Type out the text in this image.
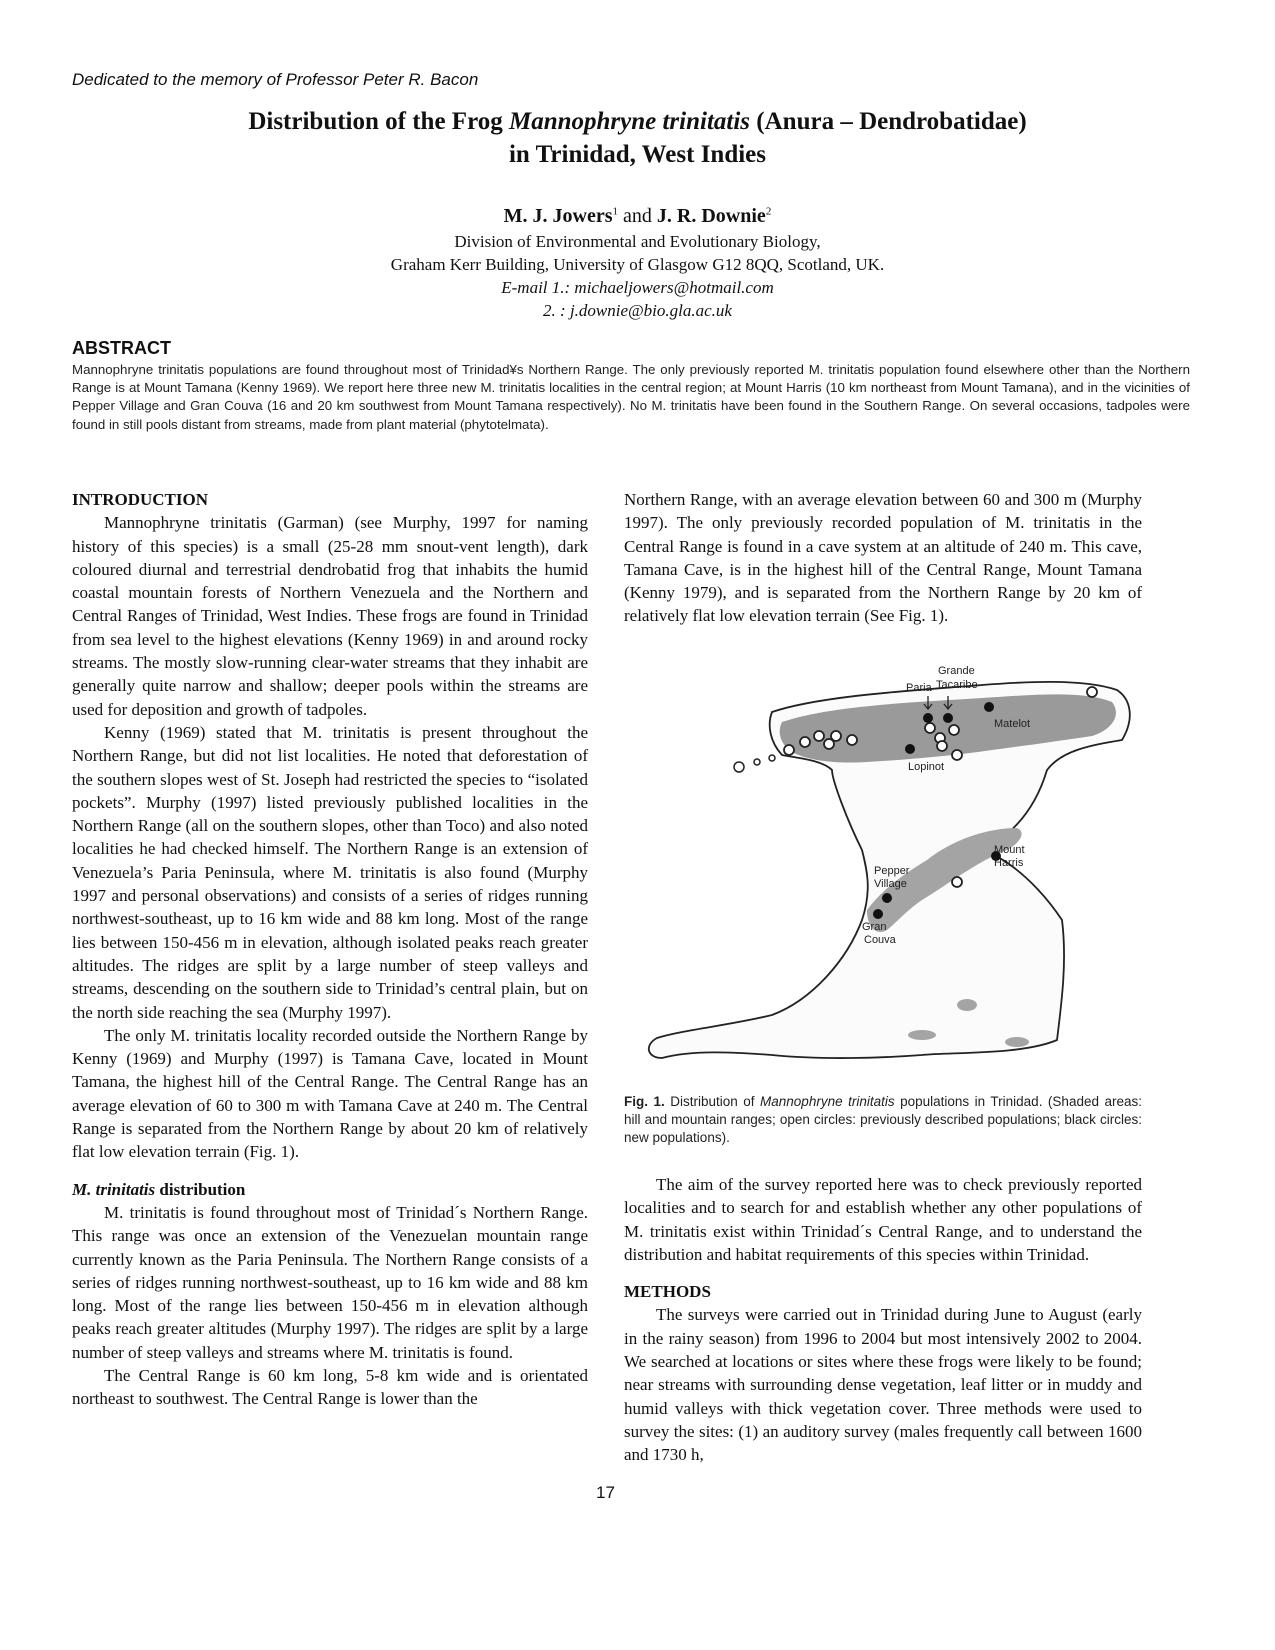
Dedicated to the memory of Professor Peter R. Bacon
Distribution of the Frog Mannophryne trinitatis (Anura – Dendrobatidae)
in Trinidad, West Indies
M. J. Jowers$^1$ and J. R. Downie$^2$
Division of Environmental and Evolutionary Biology,
Graham Kerr Building, University of Glasgow G12 8QQ, Scotland, UK.
E-mail 1.: michaeljowers@hotmail.com
2. : j.downie@bio.gla.ac.uk
ABSTRACT
Mannophryne trinitatis populations are found throughout most of Trinidad¥s Northern Range. The only previously reported M. trinitatis population found elsewhere other than the Northern Range is at Mount Tamana (Kenny 1969). We report here three new M. trinitatis localities in the central region; at Mount Harris (10 km northeast from Mount Tamana), and in the vicinities of Pepper Village and Gran Couva (16 and 20 km southwest from Mount Tamana respectively). No M. trinitatis have been found in the Southern Range. On several occasions, tadpoles were found in still pools distant from streams, made from plant material (phytotelmata).
INTRODUCTION

Mannophryne trinitatis (Garman) (see Murphy, 1997 for naming history of this species) is a small (25-28 mm snout-vent length), dark coloured diurnal and terrestrial dendrobatid frog that inhabits the humid coastal mountain forests of Northern Venezuela and the Northern and Central Ranges of Trinidad, West Indies. These frogs are found in Trinidad from sea level to the highest elevations (Kenny 1969) in and around rocky streams. The mostly slow-running clear-water streams that they inhabit are generally quite narrow and shallow; deeper pools within the streams are used for deposition and growth of tadpoles.

Kenny (1969) stated that M. trinitatis is present throughout the Northern Range, but did not list localities. He noted that deforestation of the southern slopes west of St. Joseph had restricted the species to “isolated pockets”. Murphy (1997) listed previously published localities in the Northern Range (all on the southern slopes, other than Toco) and also noted localities he had checked himself. The Northern Range is an extension of Venezuela’s Paria Peninsula, where M. trinitatis is also found (Murphy 1997 and personal observations) and consists of a series of ridges running northwest-southeast, up to 16 km wide and 88 km long. Most of the range lies between 150-456 m in elevation, although isolated peaks reach greater altitudes. The ridges are split by a large number of steep valleys and streams, descending on the southern side to Trinidad’s central plain, but on the north side reaching the sea (Murphy 1997).

The only M. trinitatis locality recorded outside the Northern Range by Kenny (1969) and Murphy (1997) is Tamana Cave, located in Mount Tamana, the highest hill of the Central Range. The Central Range has an average elevation of 60 to 300 m with Tamana Cave at 240 m. The Central Range is separated from the Northern Range by about 20 km of relatively flat low elevation terrain (Fig. 1).

M. trinitatis distribution

M. trinitatis is found throughout most of Trinidad´s Northern Range. This range was once an extension of the Venezuelan mountain range currently known as the Paria Peninsula. The Northern Range consists of a series of ridges running northwest-southeast, up to 16 km wide and 88 km long. Most of the range lies between 150-456 m in elevation although peaks reach greater altitudes (Murphy 1997). The ridges are split by a large number of steep valleys and streams where M. trinitatis is found.

The Central Range is 60 km long, 5-8 km wide and is orientated northeast to southwest. The Central Range is lower than the

Northern Range, with an average elevation between 60 and 300 m (Murphy 1997). The only previously recorded population of M. trinitatis in the Central Range is found in a cave system at an altitude of 240 m. This cave, Tamana Cave, is in the highest hill of the Central Range, Mount Tamana (Kenny 1979), and is separated from the Northern Range by 20 km of relatively flat low elevation terrain (See Fig. 1).

Grande
Tacaribe
Paria
Matelot
Lopinot
Mount
Harris
Pepper
Village
Gran
Couva
Fig. 1. Distribution of Mannophryne trinitatis populations in Trinidad. (Shaded areas: hill and mountain ranges; open circles: previously described populations; black circles: new populations).

The aim of the survey reported here was to check previously reported localities and to search for and establish whether any other populations of M. trinitatis exist within Trinidad´s Central Range, and to understand the distribution and habitat requirements of this species within Trinidad.

METHODS

The surveys were carried out in Trinidad during June to August (early in the rainy season) from 1996 to 2004 but most intensively 2002 to 2004. We searched at locations or sites where these frogs were likely to be found; near streams with surrounding dense vegetation, leaf litter or in muddy and humid valleys with thick vegetation cover. Three methods were used to survey the sites: (1) an auditory survey (males frequently call between 1600 and 1730 h,

17
